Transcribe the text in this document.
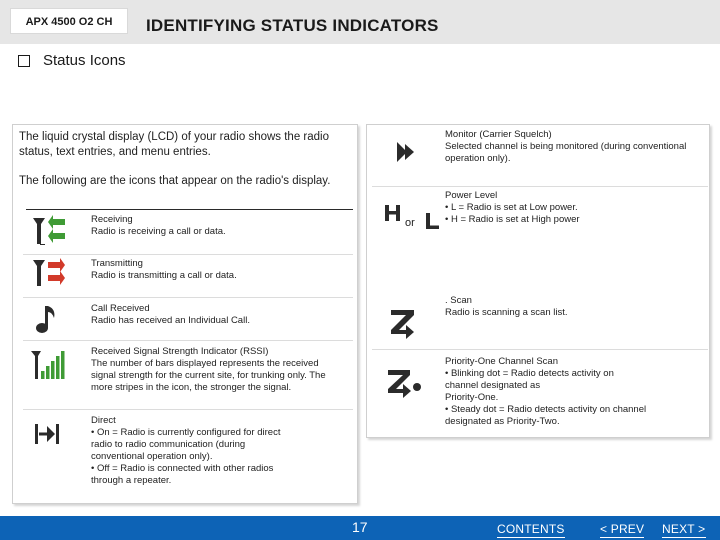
APX 4500 O2 CH	IDENTIFYING STATUS INDICATORS
Status Icons
The liquid crystal display (LCD) of your radio shows the radio
status, text entries, and menu entries.
The following are the icons that appear on the radio's display.
Receiving
Radio is receiving a call or data.
Transmitting
Radio is transmitting a call or data.
Call Received
Radio has received an Individual Call.
Received Signal Strength Indicator (RSSI)
The number of bars displayed represents the received
signal strength for the current site, for trunking only. The
more stripes in the icon, the stronger the signal.
Direct
• On = Radio is currently configured for direct
radio to radio communication (during
conventional operation only).
• Off = Radio is connected with other radios
through a repeater.
Monitor (Carrier Squelch)
Selected channel is being monitored (during conventional
operation only).
or
Power Level
• L = Radio is set at Low power.
• H = Radio is set at High power
. Scan
Radio is scanning a scan list.
Priority-One Channel Scan
• Blinking dot = Radio detects activity on
channel designated as
Priority-One.
• Steady dot = Radio detects activity on channel
designated as Priority-Two.
17	CONTENTS	< PREV NEXT >
